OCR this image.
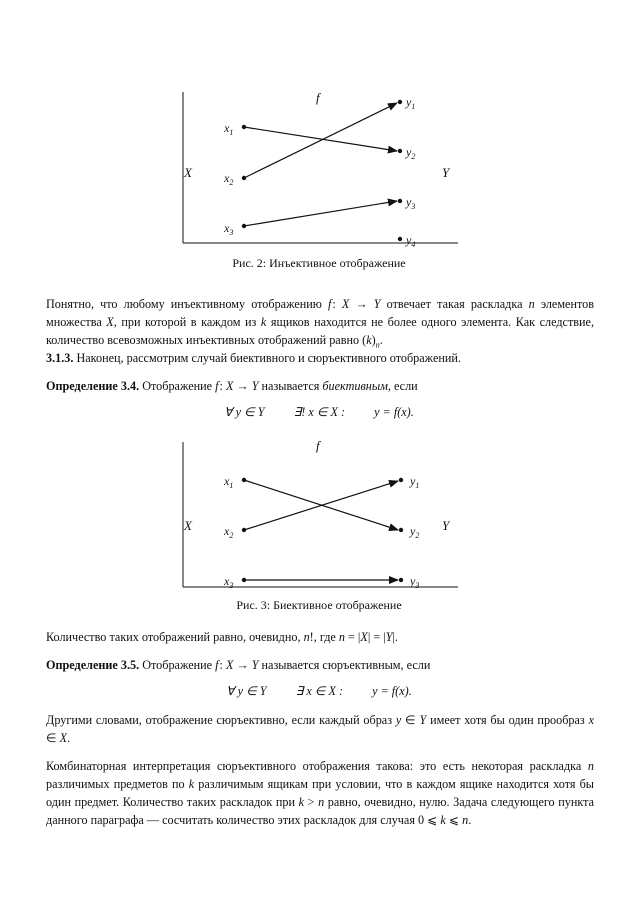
f
X	Y
$x_1$
$x_2$
$x_3$
$y_1$
$y_2$
$y_3$
$y_4$
Рис. 2: Инъективное отображение
Понятно, что любому инъективному отображению f : X → Y отвечает такая раскладка n элементов множества X, при которой в каждом из k ящиков находится не более одного элемента. Как следствие, количество всевозможных инъективных отображений равно $(k)_n$.
3.1.3. Наконец, рассмотрим случай биективного и сюръективного отображений.
Определение 3.4. Отображение f : X → Y называется биективным, если
∀ y ∈ Y ∃! x ∈ X : y = f(x).
f
X	Y
$x_1$
$x_2$
$x_3$
$y_1$
$y_2$
$y_3$
Рис. 3: Биективное отображение
Количество таких отображений равно, очевидно, n!, где n = |X| = |Y|.
Определение 3.5. Отображение f : X → Y называется сюръективным, если
∀ y ∈ Y ∃ x ∈ X : y = f(x).
Другими словами, отображение сюръективно, если каждый образ y ∈ Y имеет хотя бы один прообраз x ∈ X.
Комбинаторная интерпретация сюръективного отображения такова: это есть некоторая раскладка n различимых предметов по k различимым ящикам при условии, что в каждом ящике находится хотя бы один предмет. Количество таких раскладок при k > n равно, очевидно, нулю. Задача следующего пункта данного параграфа — сосчитать количество этих раскладок для случая 0 ⩽ k ⩽ n.
